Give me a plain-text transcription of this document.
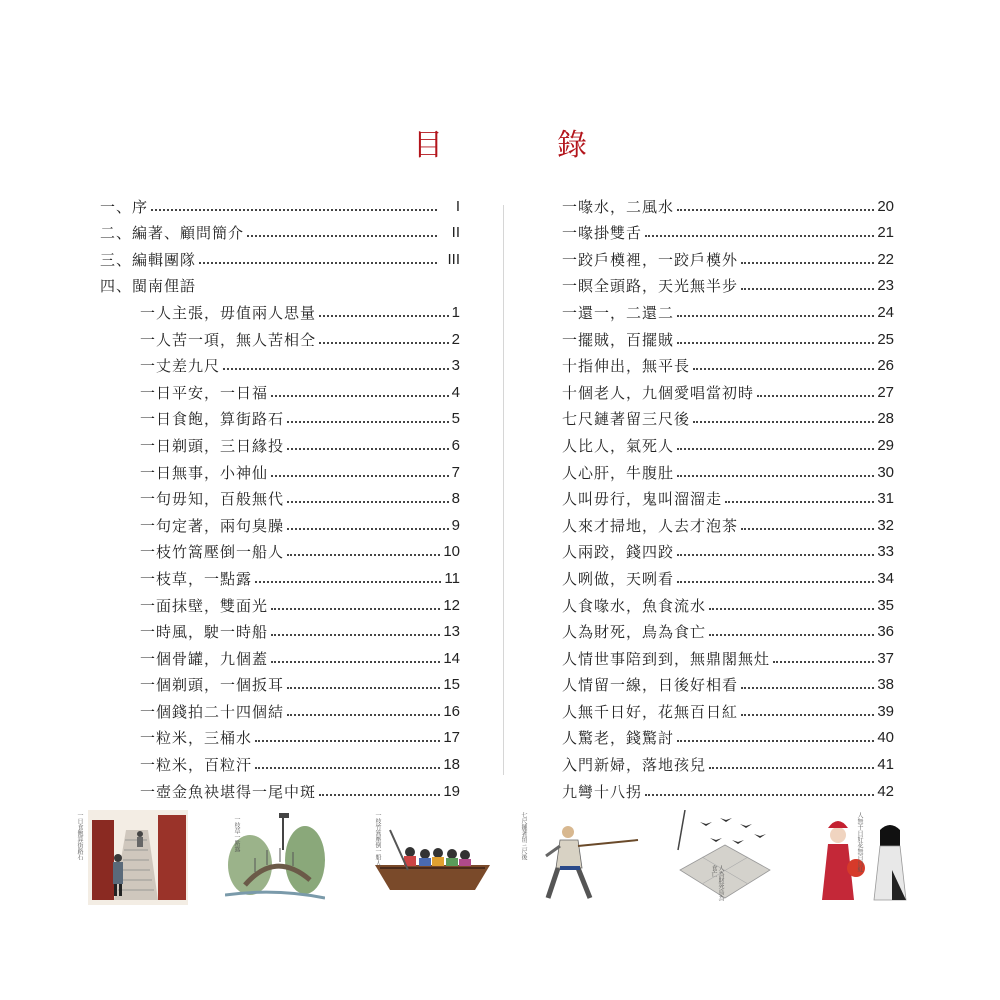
目　錄
一、序	I
二、編著、顧問簡介	II
三、編輯團隊	III
四、閩南俚語
一人主張，毋值兩人思量	1
一人苦一項，無人苦相仝	2
一丈差九尺	3
一日平安，一日福	4
一日食飽，算街路石	5
一日剃頭，三日緣投	6
一日無事，小神仙	7
一句毋知，百般無代	8
一句定著，兩句臭臊	9
一枝竹篙壓倒一船人	10
一枝草，一點露	11
一面抹壁，雙面光	12
一時風，駛一時船	13
一個骨罐，九個蓋	14
一個剃頭，一個扳耳	15
一個錢拍二十四個結	16
一粒米，三桶水	17
一粒米，百粒汗	18
一壺金魚袂堪得一尾中斑	19
一喙水，二風水	20
一喙掛雙舌	21
一跤戶橂裡，一跤戶橂外	22
一瞑全頭路，天光無半步	23
一還一，二還二	24
一擺賊，百擺賊	25
十指伸出，無平長	26
十個老人，九個愛唱當初時	27
七尺鏈著留三尺後	28
人比人，氣死人	29
人心肝，牛腹肚	30
人叫毋行，鬼叫溜溜走	31
人來才掃地，人去才泡茶	32
人兩跤，錢四跤	33
人咧做，天咧看	34
人食喙水，魚食流水	35
人為財死，鳥為食亡	36
人情世事陪到到，無鼎閣無灶	37
人情留一線，日後好相看	38
人無千日好，花無百日紅	39
人驚老，錢驚討	40
入門新婦，落地孩兒	41
九彎十八拐	42
一日食飽算街路石	一枝草一點露	一枝竹篙壓倒一船人	七尺鏈著留三尺後
人為財死鳥為食亡	人無千日好花無百日紅
